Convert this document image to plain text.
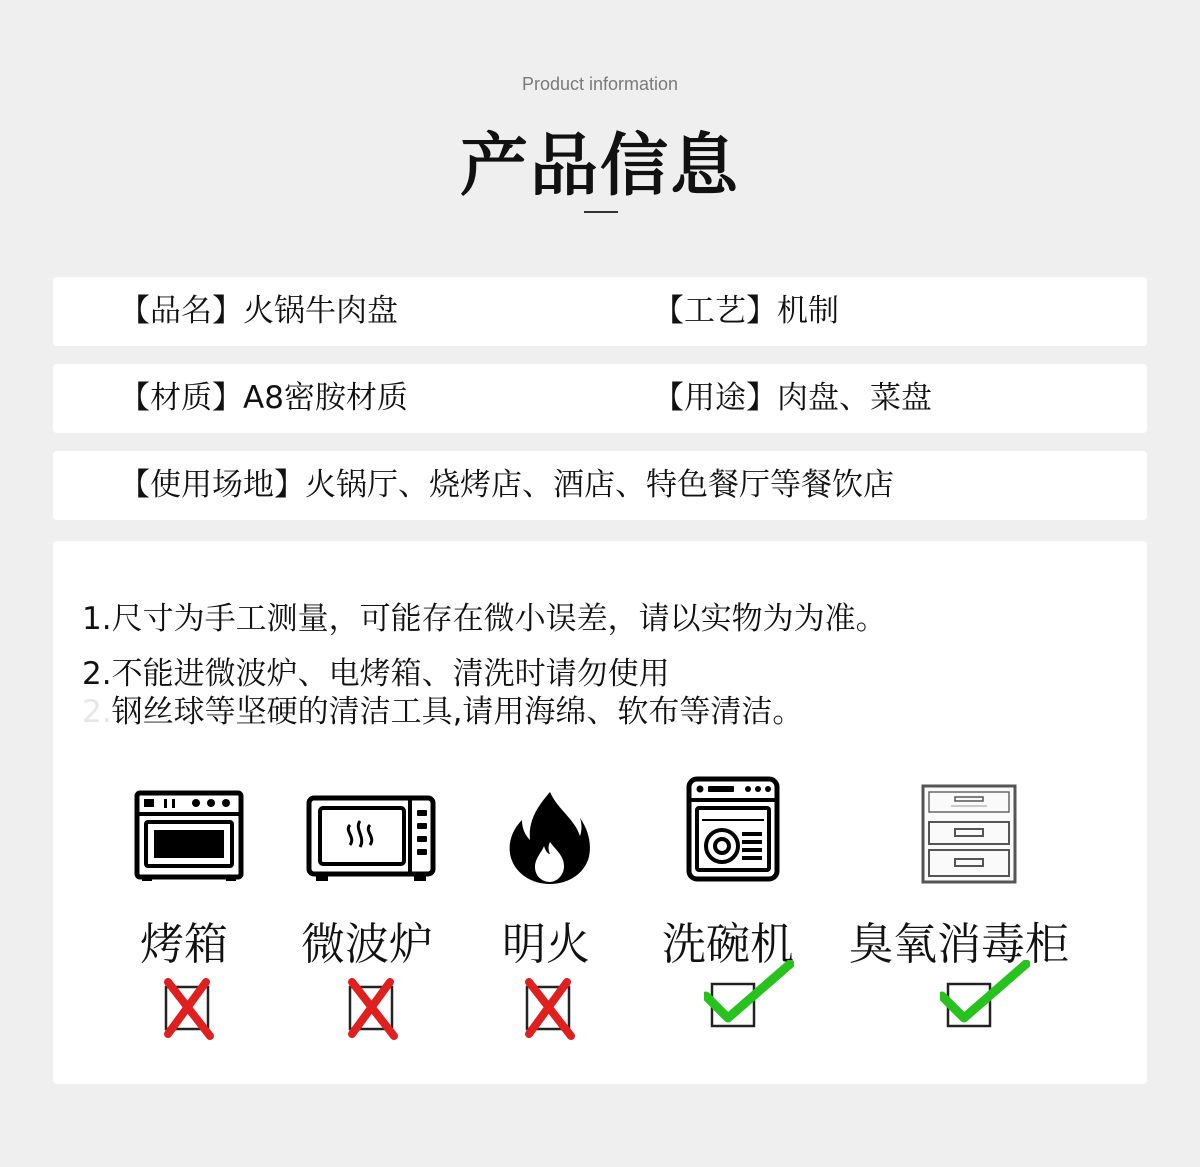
Product information
产品信息
【品名】火锅牛肉盘	【工艺】机制
【材质】A8密胺材质	【用途】肉盘、菜盘
【使用场地】火锅厅、烧烤店、酒店、特色餐厅等餐饮店
1.尺寸为手工测量，可能存在微小误差，请以实物为为准。
2.不能进微波炉、电烤箱、清洗时请勿使用
2.钢丝球等坚硬的清洁工具,请用海绵、软布等清洁。
烤箱 微波炉 明火 洗碗机 臭氧消毒柜
